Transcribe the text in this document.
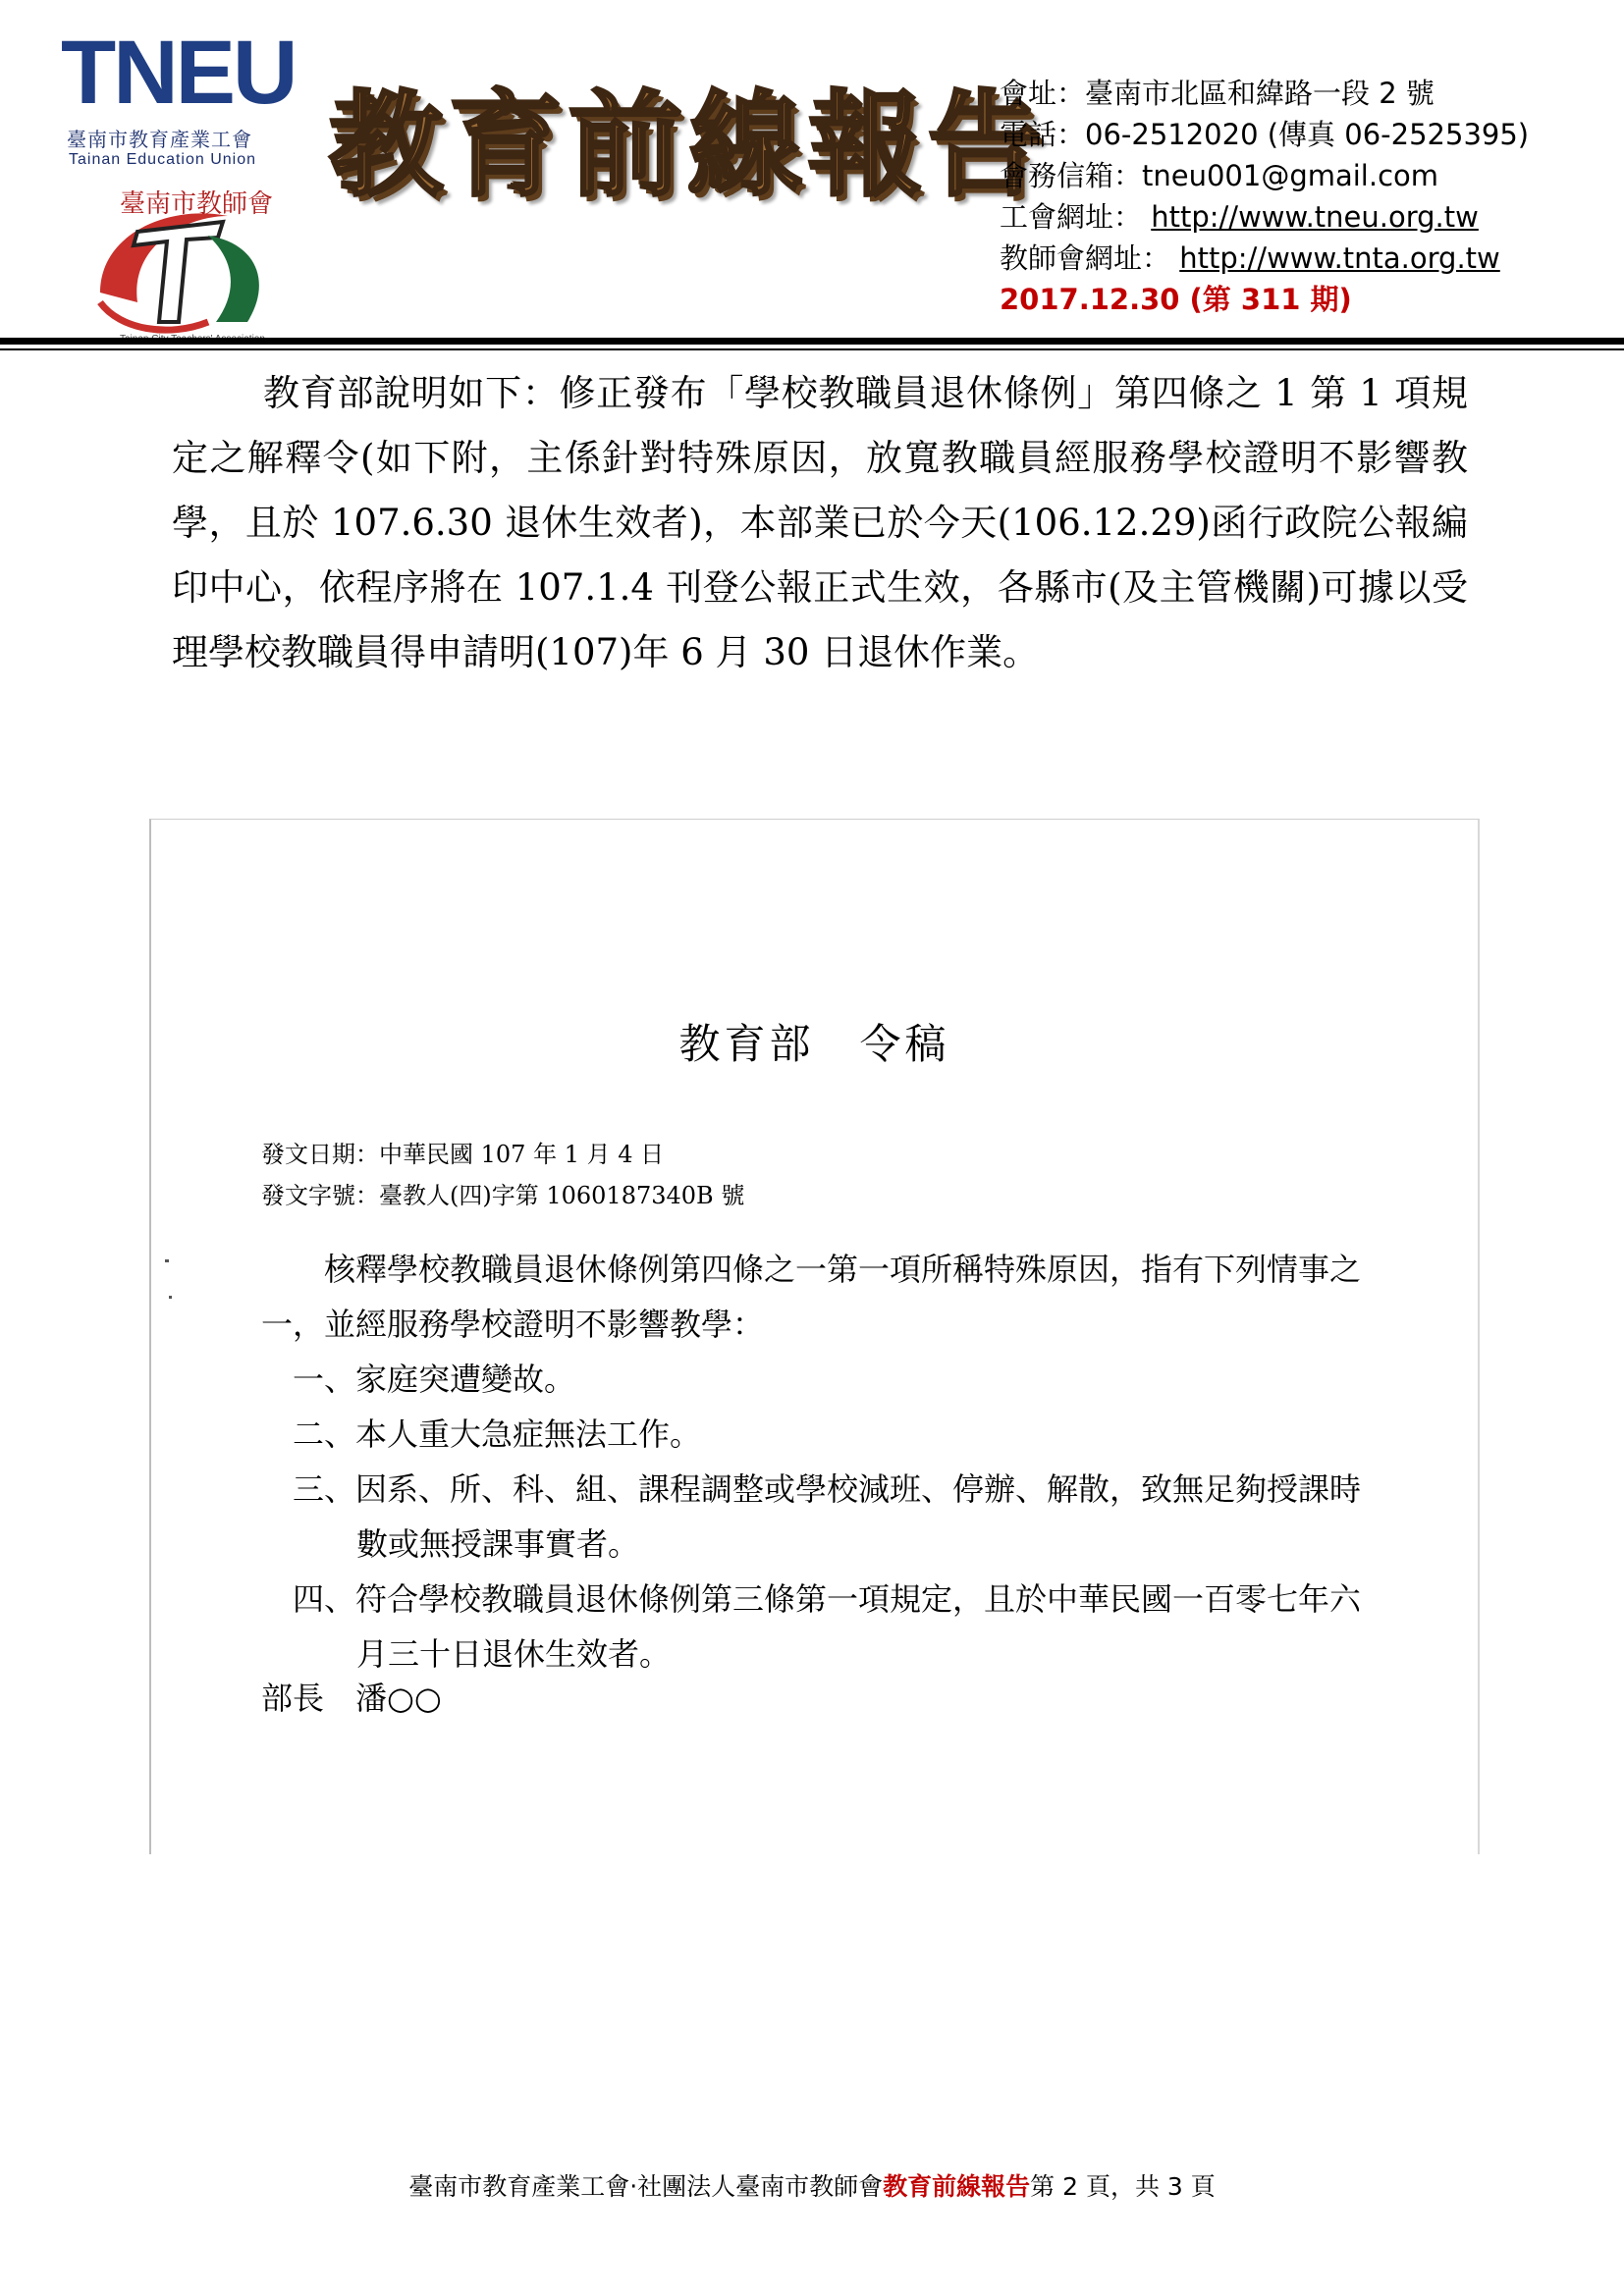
TNEU
臺南市教育產業工會
Tainan Education Union
臺南市教師會 教育前線報告
會址：臺南市北區和緯路一段 2 號
電話：06-2512020 (傳真 06-2525395)
會務信箱：tneu001@gmail.com
工會網址： http://www.tneu.org.tw
教師會網址： http://www.tnta.org.tw
2017.12.30 (第 311 期)
教育部說明如下：修正發布「學校教職員退休條例」第四條之 1 第 1 項規定之解釋令(如下附，主係針對特殊原因，放寬教職員經服務學校證明不影響教學，且於 107.6.30 退休生效者)，本部業已於今天(106.12.29)函行政院公報編印中心，依程序將在 107.1.4 刊登公報正式生效，各縣市(及主管機關)可據以受理學校教職員得申請明(107)年 6 月 30 日退休作業。
教育部　令稿
發文日期：中華民國 107 年 1 月 4 日
發文字號：臺教人(四)字第 1060187340B 號

核釋學校教職員退休條例第四條之一第一項所稱特殊原因，指有下列情事之一，並經服務學校證明不影響教學：

一、家庭突遭變故。

二、本人重大急症無法工作。

三、因系、所、科、組、課程調整或學校減班、停辦、解散，致無足夠授課時數或無授課事實者。

四、符合學校教職員退休條例第三條第一項規定，且於中華民國一百零七年六月三十日退休生效者。

部長　潘○○
臺南市教育產業工會‧社團法人臺南市教師會教育前線報告第 2 頁，共 3 頁
